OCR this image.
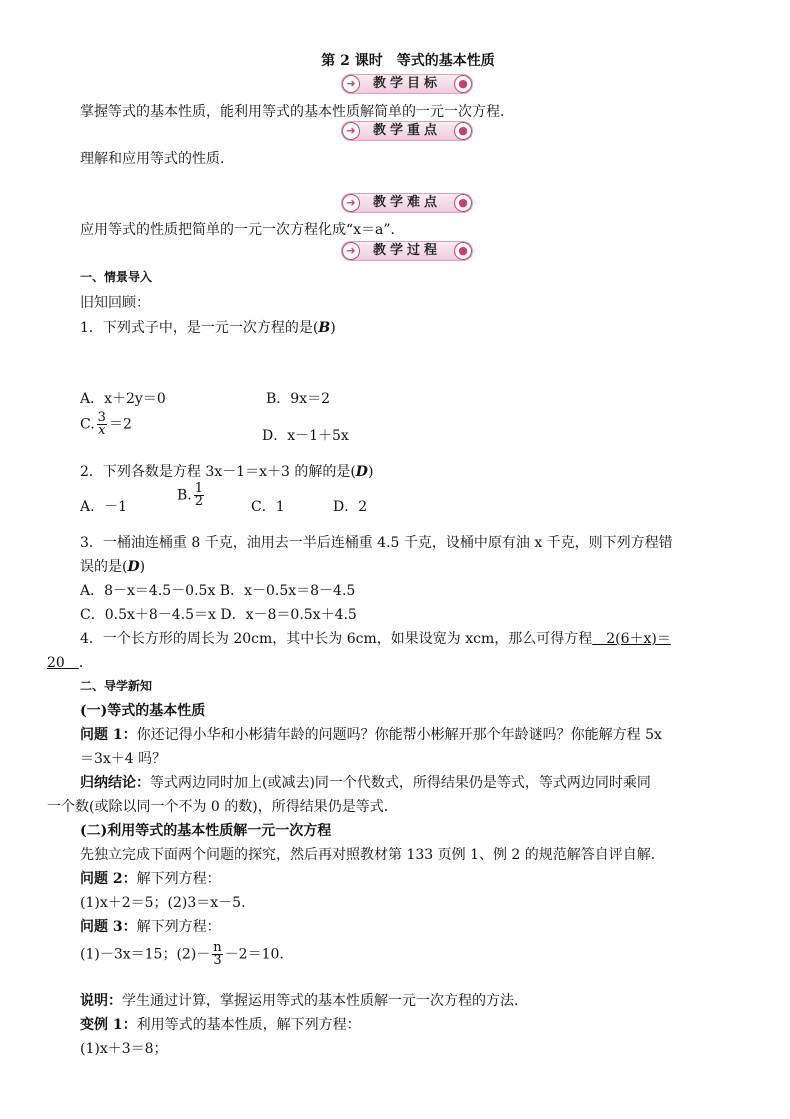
第 2 课时　等式的基本性质
➜	教学目标	●
掌握等式的基本性质，能利用等式的基本性质解简单的一元一次方程．
➜	教学重点	●
理解和应用等式的性质．
➜	教学难点	●
应用等式的性质把简单的一元一次方程化成“x＝a”．
➜	教学过程	●
一、情景导入
旧知回顾：
1．下列式子中，是一元一次方程的是(B)
A．x＋2y＝0	B．9x＝2
C. $\frac{3}{x} =2$
D．x－1＋5x
2．下列各数是方程 3x－1＝x＋3 的解的是(D)
A．－1
B. $\frac{1}{2}$	C．1	D．2
3．一桶油连桶重 8 千克，油用去一半后连桶重 4.5 千克，设桶中原有油 x 千克，则下列方程错
误的是(D)
A．8－x＝4.5－0.5x B．x－0.5x＝8－4.5
C．0.5x＋8－4.5＝x D．x－8＝0.5x＋4.5
4．一个长方形的周长为 20cm，其中长为 6cm，如果设宽为 xcm，那么可得方程　2(6＋x)＝
20　．
二、导学新知
(一)等式的基本性质
问题 1：你还记得小华和小彬猜年龄的问题吗？你能帮小彬解开那个年龄谜吗？你能解方程 5x
＝3x＋4 吗？
归纳结论：等式两边同时加上(或减去)同一个代数式，所得结果仍是等式，等式两边同时乘同
一个数(或除以同一个不为 0 的数)，所得结果仍是等式．
(二)利用等式的基本性质解一元一次方程
先独立完成下面两个问题的探究，然后再对照教材第 133 页例 1、例 2 的规范解答自评自解．
问题 2：解下列方程：
(1)x＋2＝5；(2)3＝x－5.
问题 3：解下列方程：
(1)－3x＝15；$(2)- \frac{n}{3} -2=10$.
说明：学生通过计算，掌握运用等式的基本性质解一元一次方程的方法．
变例 1：利用等式的基本性质，解下列方程：
(1)x＋3＝8；
